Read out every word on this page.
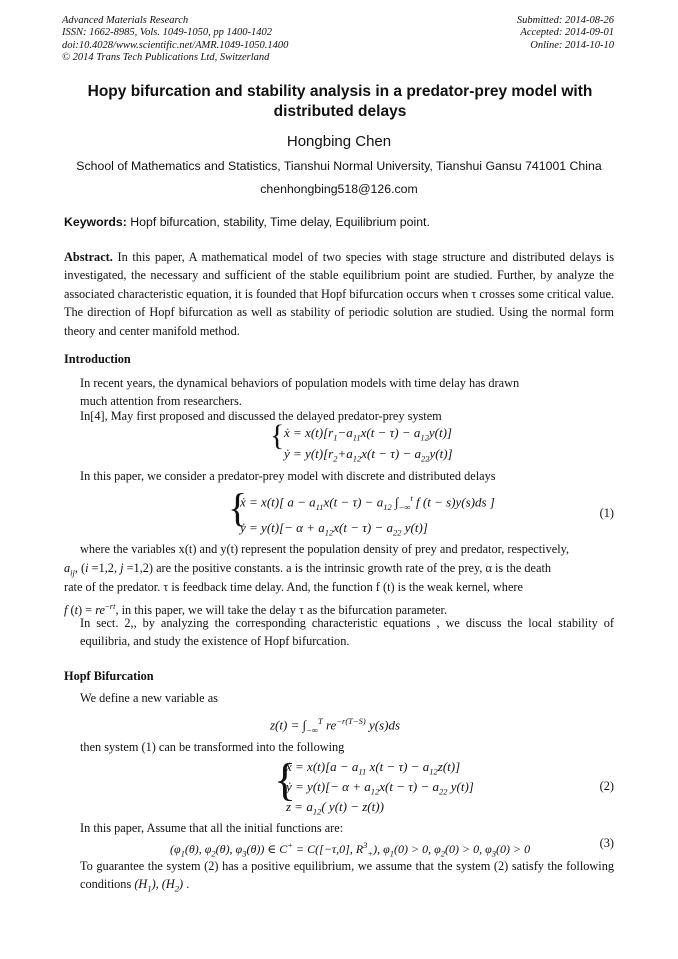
Advanced Materials Research
ISSN: 1662-8985, Vols. 1049-1050, pp 1400-1402
doi:10.4028/www.scientific.net/AMR.1049-1050.1400
© 2014 Trans Tech Publications Ltd, Switzerland
Submitted: 2014-08-26
Accepted: 2014-09-01
Online: 2014-10-10
Hopy bifurcation and stability analysis in a predator-prey model with distributed delays
Hongbing Chen
School of Mathematics and Statistics, Tianshui Normal University, Tianshui Gansu 741001 China
chenhongbing518@126.com
Keywords: Hopf bifurcation, stability, Time delay, Equilibrium point.
Abstract. In this paper, A mathematical model of two species with stage structure and distributed delays is investigated, the necessary and sufficient of the stable equilibrium point are studied. Further, by analyze the associated characteristic equation, it is founded that Hopf bifurcation occurs when τ crosses some critical value. The direction of Hopf bifurcation as well as stability of periodic solution are studied. Using the normal form theory and center manifold method.
Introduction
In recent years, the dynamical behaviors of population models with time delay has drawn
much attention from researchers.
In[4], May first proposed and discussed the delayed predator-prey system
{ ẋ = $x(t)[r_1-a_{11}x(t - \tau) - a_{12}y(t)]$
ẏ = $y(t)[r_2+a_{12}x(t - \tau) - a_{22}y(t)]$
In this paper, we consider a predator-prey model with discrete and distributed delays
{
ẋ = x(t)[ $a - a_{11}x(t - \tau) - a_{12}$ $\int_{-\infty}^t$ f (t − s)y(s)ds ]
ẏ = $y(t)[- \alpha + a_{12}x(t - \tau) - a_{22}$ y(t)]
(1)
where the variables x(t) and y(t) represent the population density of prey and predator, respectively,
$a_{ij}$, (i =1,2, j =1,2) are the positive constants. a is the intrinsic growth rate of the prey, α is the death
rate of the predator. τ is feedback time delay. And, the function f (t) is the weak kernel, where
f $(t) = re^{-rt}$, in this paper, we will take the delay τ as the bifurcation parameter.
In sect. 2,, by analyzing the corresponding characteristic equations , we discuss the local stability of equilibria, and study the existence of Hopf bifurcation.
Hopf Bifurcation
We define a new variable as
$z(t) = \int_{-\infty}^T$ $re^{-r(T-S)}$ y(s)ds
then system (1) can be transformed into the following
{
ẋ = $x(t)[a - a_{11}$ $x(t - \tau) - a_{12}z(t)$]
ẏ = $y(t)[- \alpha + a_{12}x(t - \tau) - a_{22}$ y(t)]
$z = a_{12}$( y(t) − z(t))
(2)
In this paper, Assume that all the initial functions are:
($\varphi_1(\theta)$, $\varphi_2(\theta)$, $\varphi_3(\theta)$) ∈ C+ = C([−τ,0], $R^3_+$), $\varphi_1(0) > 0$, $\varphi_2(0) > 0$, $\varphi_3(0) > 0$	(3)
To guarantee the system (2) has a positive equilibrium, we assume that the system (2) satisfy the following conditions $(H_1)$, $(H_2)$ .
